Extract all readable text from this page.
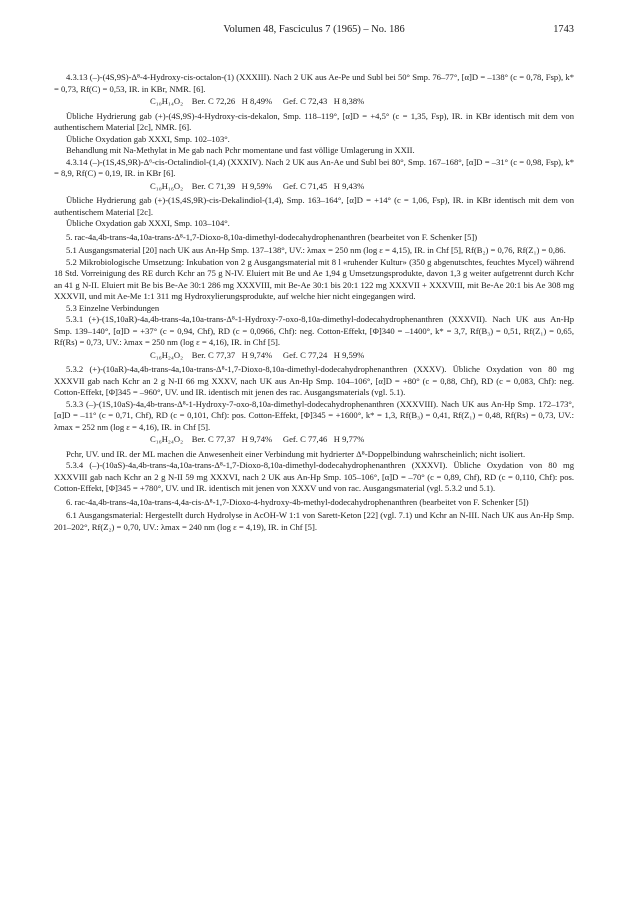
Volumen 48, Fasciculus 7 (1965) – No. 186	1743

4.3.13 (–)-(4S,9S)-Δ⁸-4-Hydroxy-cis-octalon-(1) (XXXIII). Nach 2 UK aus Ae-Pe und Subl bei 50° Smp. 76–77°, [α]D = –138° (c = 0,78, Fsp), k* = 0,73, Rf(C) = 0,53, IR. in KBr, NMR. [6].

C₁₀H₁₄O₂    Ber. C 72,26   H 8,49%     Gef. C 72,43   H 8,38%

Übliche Hydrierung gab (+)-(4S,9S)-4-Hydroxy-cis-dekalon, Smp. 118–119°, [α]D = +4,5° (c = 1,35, Fsp), IR. in KBr identisch mit dem von authentischem Material [2c], NMR. [6].

Übliche Oxydation gab XXXI, Smp. 102–103°.

Behandlung mit Na-Methylat in Me gab nach Pchr momentane und fast völlige Umlagerung in XXII.

4.3.14 (–)-(1S,4S,9R)-Δ⁶-cis-Octalindiol-(1,4) (XXXIV). Nach 2 UK aus An-Ae und Subl bei 80°, Smp. 167–168°, [α]D = –31° (c = 0,98, Fsp), k* = 8,9, Rf(C) = 0,19, IR. in KBr [6].

C₁₀H₁₆O₂    Ber. C 71,39   H 9,59%     Gef. C 71,45   H 9,43%

Übliche Hydrierung gab (+)-(1S,4S,9R)-cis-Dekalindiol-(1,4), Smp. 163–164°, [α]D = +14° (c = 1,06, Fsp), IR. in KBr identisch mit dem von authentischem Material [2c].

Übliche Oxydation gab XXXI, Smp. 103–104°.

5. rac-4a,4b-trans-4a,10a-trans-Δ⁸-1,7-Dioxo-8,10a-dimethyl-dodecahydrophenanthren (bearbeitet von F. Schenker [5])

5.1 Ausgangsmaterial [20] nach UK aus An-Hp Smp. 137–138°, UV.: λmax = 250 nm (log ε = 4,15), IR. in Chf [5], Rf(B₂) = 0,76, Rf(Z₁) = 0,86.

5.2 Mikrobiologische Umsetzung: Inkubation von 2 g Ausgangsmaterial mit 8 l «ruhender Kultur» (350 g abgenutschtes, feuchtes Mycel) während 18 Std. Vorreinigung des RE durch Kchr an 75 g N-IV. Eluiert mit Be und Ae 1,94 g Umsetzungsprodukte, davon 1,3 g weiter aufgetrennt durch Kchr an 41 g N-II. Eluiert mit Be bis Be-Ae 30:1 286 mg XXXVIII, mit Be-Ae 30:1 bis 20:1 122 mg XXXVII + XXXVIII, mit Be-Ae 20:1 bis Ae 308 mg XXXVII, und mit Ae-Me 1:1 311 mg Hydroxylierungsprodukte, auf welche hier nicht eingegangen wird.

5.3 Einzelne Verbindungen

5.3.1 (+)-(1S,10aR)-4a,4b-trans-4a,10a-trans-Δ⁸-1-Hydroxy-7-oxo-8,10a-dimethyl-dodecahydrophenanthren (XXXVII). Nach UK aus An-Hp Smp. 139–140°, [α]D = +37° (c = 0,94, Chf), RD (c = 0,0966, Chf): neg. Cotton-Effekt, [Φ]340 = –1400°, k* = 3,7, Rf(B₃) = 0,51, Rf(Z₁) = 0,65, Rf(Rs) = 0,73, UV.: λmax = 250 nm (log ε = 4,16), IR. in Chf [5].

C₁₆H₂₄O₂    Ber. C 77,37   H 9,74%     Gef. C 77,24   H 9,59%

5.3.2 (+)-(10aR)-4a,4b-trans-4a,10a-trans-Δ⁸-1,7-Dioxo-8,10a-dimethyl-dodecahydrophenanthren (XXXV). Übliche Oxydation von 80 mg XXXVII gab nach Kchr an 2 g N-II 66 mg XXXV, nach UK aus An-Hp Smp. 104–106°, [α]D = +80° (c = 0,88, Chf), RD (c = 0,083, Chf): neg. Cotton-Effekt, [Φ]345 = –960°, UV. und IR. identisch mit jenen des rac. Ausgangsmaterials (vgl. 5.1).

5.3.3 (–)-(1S,10aS)-4a,4b-trans-Δ⁸-1-Hydroxy-7-oxo-8,10a-dimethyl-dodecahydrophenanthren (XXXVIII). Nach UK aus An-Hp Smp. 172–173°, [α]D = –11° (c = 0,71, Chf), RD (c = 0,101, Chf): pos. Cotton-Effekt, [Φ]345 = +1600°, k* = 1,3, Rf(B₃) = 0,41, Rf(Z₁) = 0,48, Rf(Rs) = 0,73, UV.: λmax = 252 nm (log ε = 4,16), IR. in Chf [5].

C₁₆H₂₄O₂    Ber. C 77,37   H 9,74%     Gef. C 77,46   H 9,77%

Pchr, UV. und IR. der ML machen die Anwesenheit einer Verbindung mit hydrierter Δ⁸-Doppelbindung wahrscheinlich; nicht isoliert.

5.3.4 (–)-(10aS)-4a,4b-trans-4a,10a-trans-Δ⁸-1,7-Dioxo-8,10a-dimethyl-dodecahydrophenanthren (XXXVI). Übliche Oxydation von 80 mg XXXVIII gab nach Kchr an 2 g N-II 59 mg XXXVI, nach 2 UK aus An-Hp Smp. 105–106°, [α]D = –70° (c = 0,89, Chf), RD (c = 0,110, Chf): pos. Cotton-Effekt, [Φ]345 = +780°, UV. und IR. identisch mit jenen von XXXV und von rac. Ausgangsmaterial (vgl. 5.3.2 und 5.1).

6. rac-4a,4b-trans-4a,10a-trans-4,4a-cis-Δ⁸-1,7-Dioxo-4-hydroxy-4b-methyl-dodecahydrophenanthren (bearbeitet von F. Schenker [5])

6.1 Ausgangsmaterial: Hergestellt durch Hydrolyse in AcOH-W 1:1 von Sarett-Keton [22] (vgl. 7.1) und Kchr an N-III. Nach UK aus An-Hp Smp. 201–202°, Rf(Z₂) = 0,70, UV.: λmax = 240 nm (log ε = 4,19), IR. in Chf [5].
